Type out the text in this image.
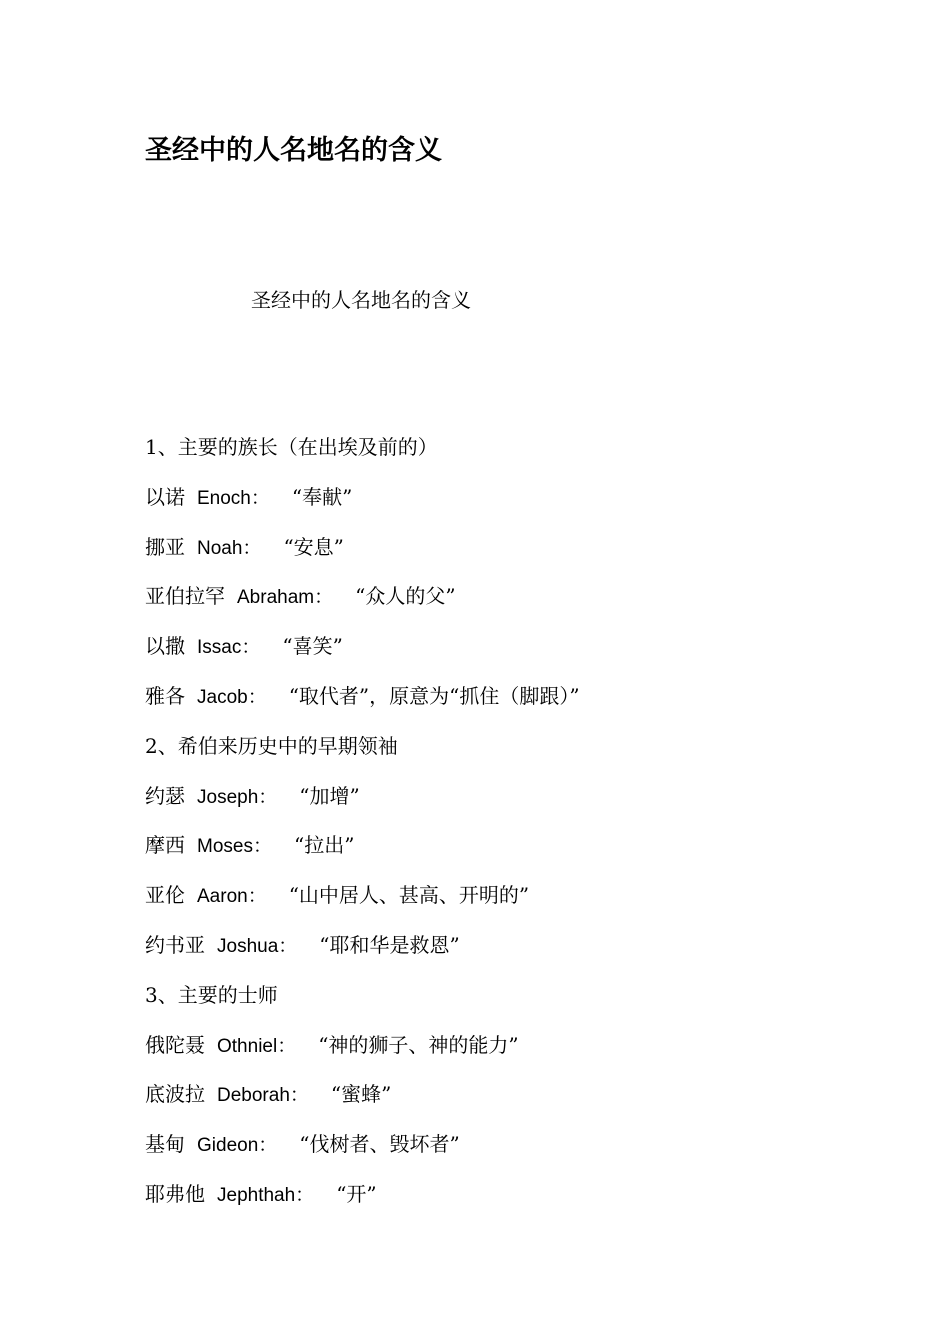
圣经中的人名地名的含义
圣经中的人名地名的含义
1、主要的族长（在出埃及前的）
以诺 Enoch： “奉献”
挪亚 Noah： “安息”
亚伯拉罕 Abraham： “众人的父”
以撒 Issac： “喜笑”
雅各 Jacob： “取代者”，原意为“抓住（脚跟）”
2、希伯来历史中的早期领袖
约瑟 Joseph： “加增”
摩西 Moses： “拉出”
亚伦 Aaron： “山中居人、甚高、开明的”
约书亚 Joshua： “耶和华是救恩”
3、主要的士师
俄陀聂 Othniel： “神的狮子、神的能力”
底波拉 Deborah： “蜜蜂”
基甸 Gideon： “伐树者、毁坏者”
耶弗他 Jephthah： “开”
